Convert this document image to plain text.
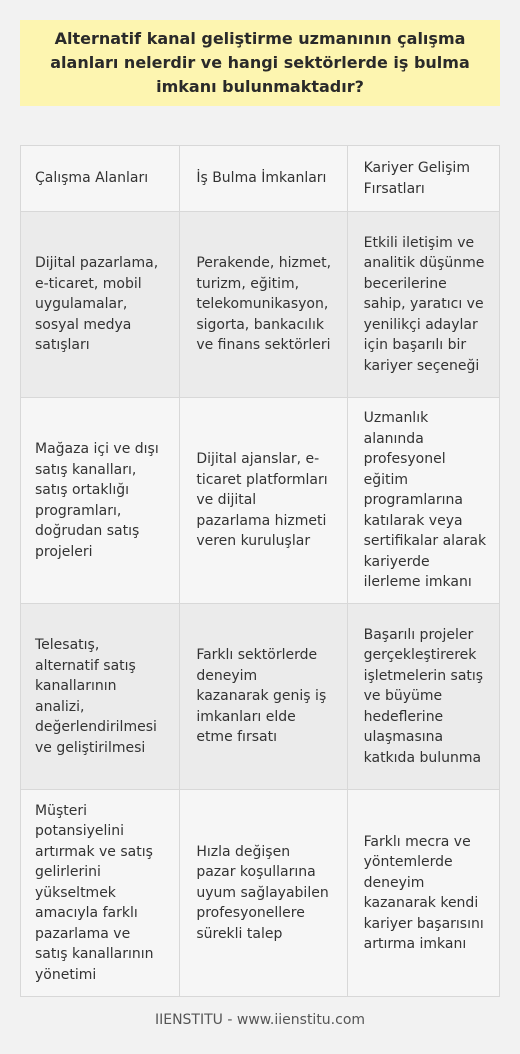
Alternatif kanal geliştirme uzmanının çalışma alanları nelerdir ve hangi sektörlerde iş bulma imkanı bulunmaktadır?
Çalışma Alanları	İş Bulma İmkanları
Kariyer Gelişim Fırsatları
Dijital pazarlama, e-ticaret, mobil uygulamalar, sosyal medya satışları
Perakende, hizmet, turizm, eğitim, telekomunikasyon, sigorta, bankacılık ve finans sektörleri
Etkili iletişim ve analitik düşünme becerilerine sahip, yaratıcı ve yenilikçi adaylar için başarılı bir kariyer seçeneği
Mağaza içi ve dışı satış kanalları, satış ortaklığı programları, doğrudan satış projeleri
Dijital ajanslar, e-ticaret platformları ve dijital pazarlama hizmeti veren kuruluşlar
Uzmanlık alanında profesyonel eğitim programlarına katılarak veya sertifikalar alarak kariyerde ilerleme imkanı
Telesatış, alternatif satış kanallarının analizi, değerlendirilmesi ve geliştirilmesi
Farklı sektörlerde deneyim kazanarak geniş iş imkanları elde etme fırsatı
Başarılı projeler gerçekleştirerek işletmelerin satış ve büyüme hedeflerine ulaşmasına katkıda bulunma
Müşteri potansiyelini artırmak ve satış gelirlerini yükseltmek amacıyla farklı pazarlama ve satış kanallarının yönetimi
Hızla değişen pazar koşullarına uyum sağlayabilen profesyonellere sürekli talep
Farklı mecra ve yöntemlerde deneyim kazanarak kendi kariyer başarısını artırma imkanı
IIENSTITU - www.iienstitu.com
